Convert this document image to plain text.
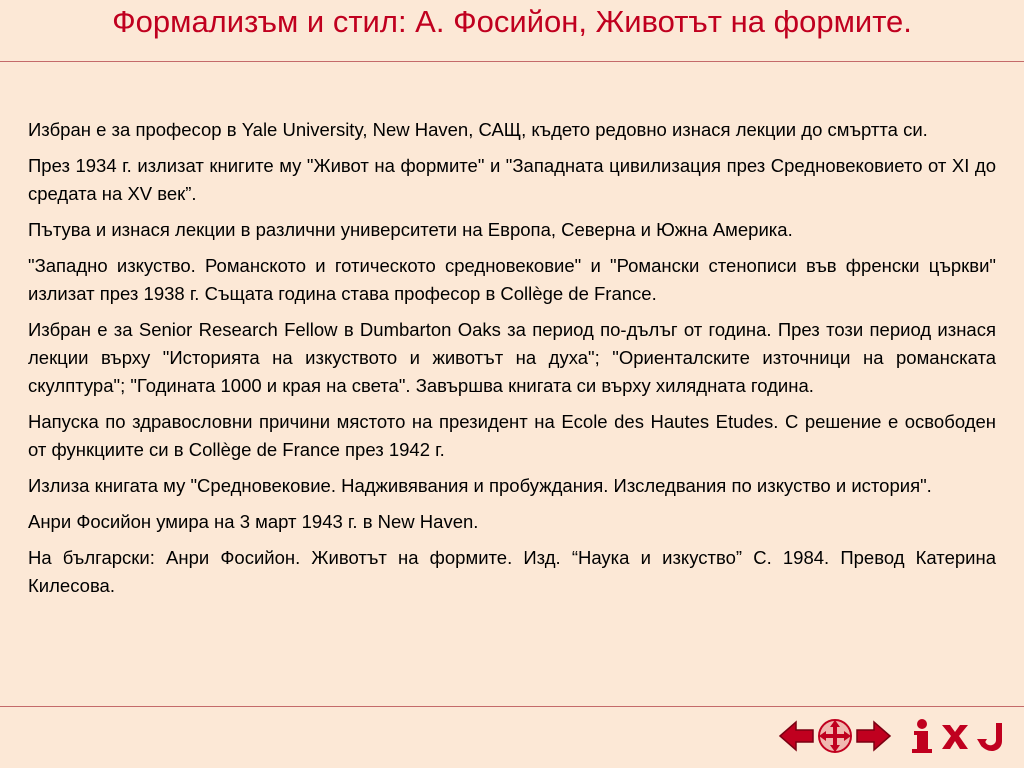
Формализъм и стил: А. Фосийон, Животът на формите.

Избран е за професор в Yale University, New Haven, САЩ, където редовно изнася лекции до смъртта си.

През 1934 г. излизат книгите му "Живот на формите" и "Западната цивилизация през Средновековието от XI до средата на XV век”.

Пътува и изнася лекции в различни университети на Европа, Северна и Южна Америка.

"Западно изкуство. Романското и готическото средновековие" и "Романски стенописи във френски църкви" излизат през 1938 г. Същата година става професор в Collège de France.

Избран е за Senior Research Fellow в Dumbarton Oaks за период по-дълъг от година. През този период изнася лекции върху "Историята на изкуството и животът на духа"; "Ориенталските източници на романската скулптура"; "Годината 1000 и края на света". Завършва книгата си върху хилядната година.

Напуска по здравословни причини мястото на президент на Ecole des Hautes Etudes. С решение е освободен от функциите си в Collège de France през 1942 г.

Излиза книгата му "Средновековие. Надживявания и пробуждания. Изследвания по изкуство и история".

Анри Фосийон умира на 3 март 1943 г. в New Haven.

На български: Анри Фосийон. Животът на формите. Изд. “Наука и изкуство” С. 1984. Превод Катерина Килесова.
